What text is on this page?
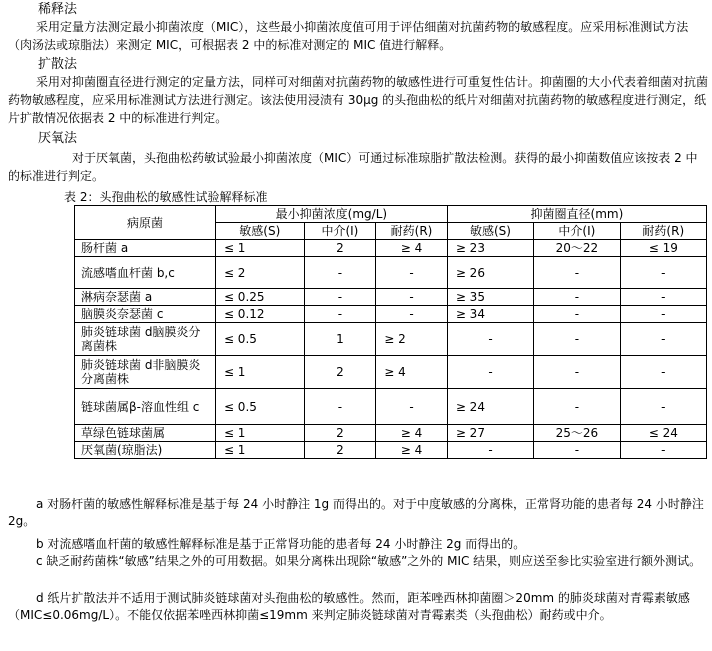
稀释法
采用定量方法测定最小抑菌浓度（MIC），这些最小抑菌浓度值可用于评估细菌对抗菌药物的敏感程度。应采用标准测试方法（肉汤法或琼脂法）来测定 MIC，可根据表 2 中的标准对测定的 MIC 值进行解释。
扩散法
采用对抑菌圈直径进行测定的定量方法，同样可对细菌对抗菌药物的敏感性进行可重复性估计。抑菌圈的大小代表着细菌对抗菌药物敏感程度，应采用标准测试方法进行测定。该法使用浸渍有 30μg 的头孢曲松的纸片对细菌对抗菌药物的敏感程度进行测定，纸片扩散情况依据表 2 中的标准进行判定。
厌氧法
对于厌氧菌，头孢曲松药敏试验最小抑菌浓度（MIC）可通过标准琼脂扩散法检测。获得的最小抑菌数值应该按表 2 中的标准进行判定。
表 2：头孢曲松的敏感性试验解释标准
病原菌	最小抑菌浓度(mg/L)			抑菌圈直径(mm)		
	敏感(S)	中介(I)	耐药(R)	敏感(S)	中介(I)	耐药(R)
肠杆菌 a	≤ 1	2	≥ 4	≥ 23	20～22	≤ 19
流感嗜血杆菌 b,c	≤ 2	-	-	≥ 26	-	-
淋病奈瑟菌 a	≤ 0.25	-	-	≥ 35	-	-
脑膜炎奈瑟菌 c	≤ 0.12	-	-	≥ 34	-	-
肺炎链球菌 d脑膜炎分离菌株	≤ 0.5	1	≥ 2	-	-	-
肺炎链球菌 d非脑膜炎分离菌株	≤ 1	2	≥ 4	-	-	-
链球菌属β-溶血性组 c	≤ 0.5	-	-	≥ 24	-	-
草绿色链球菌属	≤ 1	2	≥ 4	≥ 27	25～26	≤ 24
厌氧菌(琼脂法)	≤ 1	2	≥ 4	-	-	-
a 对肠杆菌的敏感性解释标准是基于每 24 小时静注 1g 而得出的。对于中度敏感的分离株，正常肾功能的患者每 24 小时静注 2g。
b 对流感嗜血杆菌的敏感性解释标准是基于正常肾功能的患者每 24 小时静注 2g 而得出的。
c 缺乏耐药菌株“敏感”结果之外的可用数据。如果分离株出现除“敏感”之外的 MIC 结果，则应送至参比实验室进行额外测试。
d 纸片扩散法并不适用于测试肺炎链球菌对头孢曲松的敏感性。然而，距苯唑西林抑菌圈＞20mm 的肺炎球菌对青霉素敏感（MIC≤0.06mg/L）。不能仅依据苯唑西林抑菌≤19mm 来判定肺炎链球菌对青霉素类（头孢曲松）耐药或中介。
